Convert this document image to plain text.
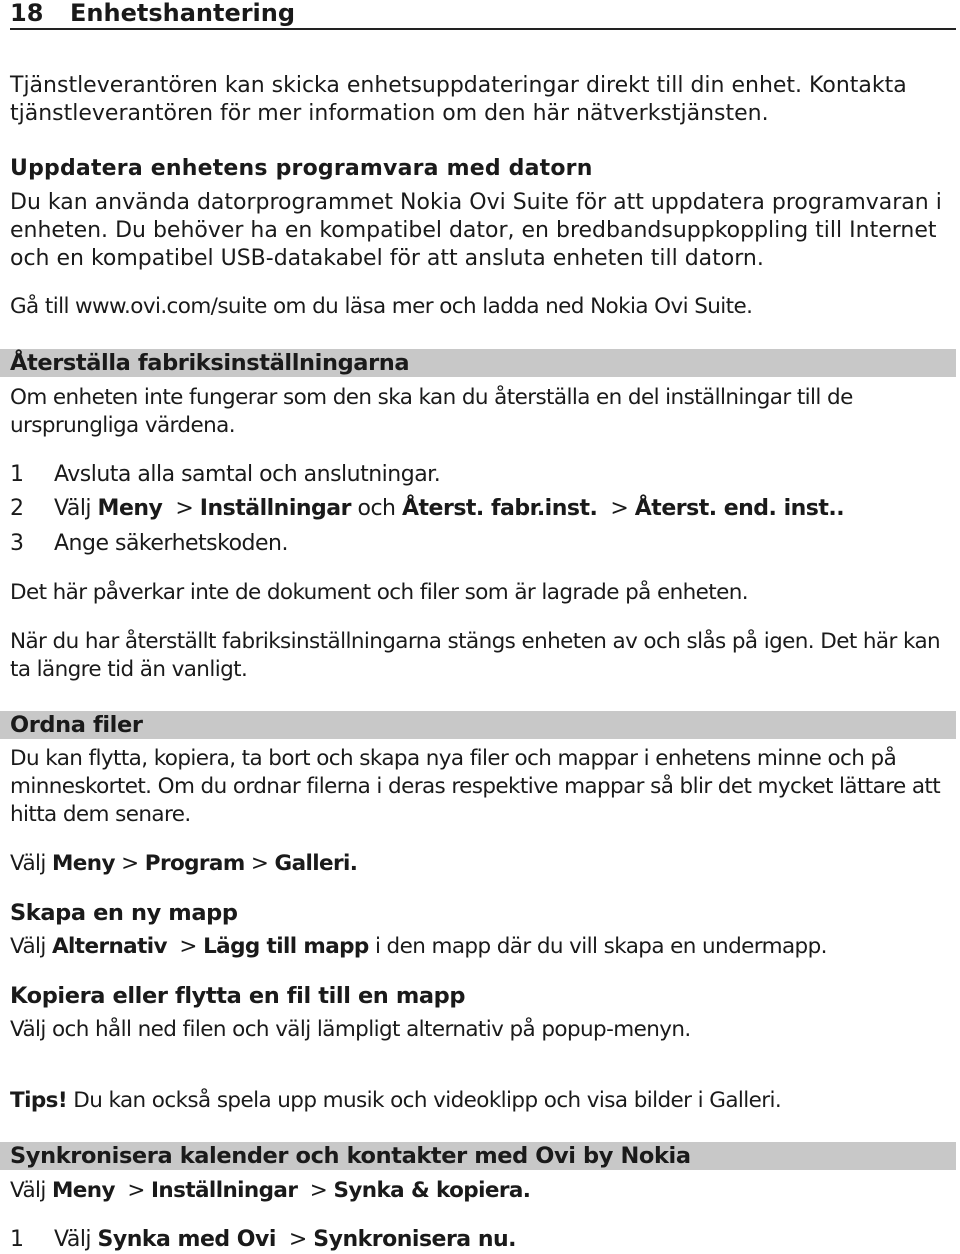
18 Enhetshantering
Tjänstleverantören kan skicka enhetsuppdateringar direkt till din enhet. Kontakta tjänstleverantören för mer information om den här nätverkstjänsten.
Uppdatera enhetens programvara med datorn
Du kan använda datorprogrammet Nokia Ovi Suite för att uppdatera programvaran i enheten. Du behöver ha en kompatibel dator, en bredbandsuppkoppling till Internet och en kompatibel USB-datakabel för att ansluta enheten till datorn.
Gå till www.ovi.com/suite om du läsa mer och ladda ned Nokia Ovi Suite.
Återställa fabriksinställningarna
Om enheten inte fungerar som den ska kan du återställa en del inställningar till de ursprungliga värdena.
1 Avsluta alla samtal och anslutningar.
2 Välj Meny  > Inställningar och Återst. fabr.inst.  > Återst. end. inst..
3 Ange säkerhetskoden.
Det här påverkar inte de dokument och filer som är lagrade på enheten.
När du har återställt fabriksinställningarna stängs enheten av och slås på igen. Det här kan ta längre tid än vanligt.
Ordna filer
Du kan flytta, kopiera, ta bort och skapa nya filer och mappar i enhetens minne och på minneskortet. Om du ordnar filerna i deras respektive mappar så blir det mycket lättare att hitta dem senare.
Välj Meny > Program > Galleri.
Skapa en ny mapp
Välj Alternativ  > Lägg till mapp i den mapp där du vill skapa en undermapp.
Kopiera eller flytta en fil till en mapp
Välj och håll ned filen och välj lämpligt alternativ på popup-menyn.
Tips! Du kan också spela upp musik och videoklipp och visa bilder i Galleri.
Synkronisera kalender och kontakter med Ovi by Nokia
Välj Meny  > Inställningar  > Synka & kopiera.
1 Välj Synka med Ovi  > Synkronisera nu.
